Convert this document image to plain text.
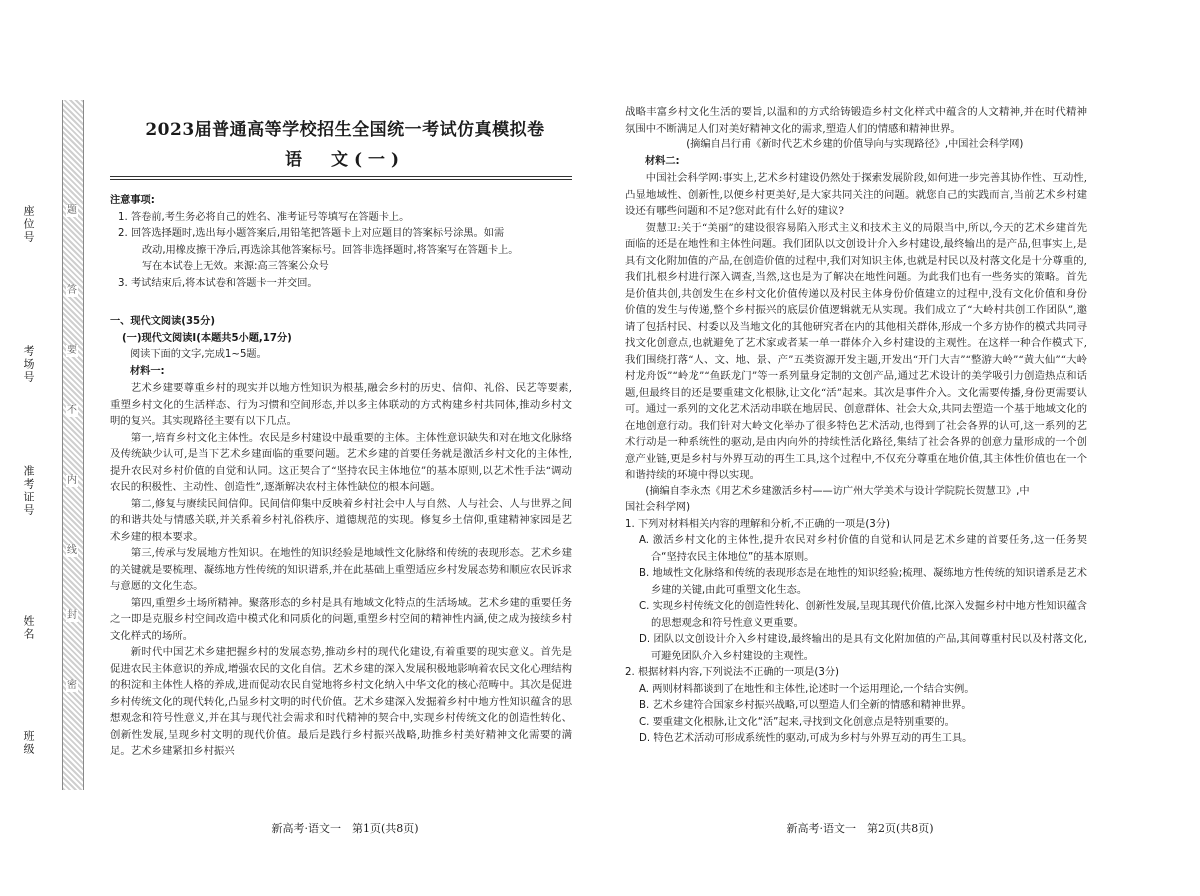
题
答
要
不
内
线
封
密
座位号
考场号
准考证号
姓名
班级
2023届普通高等学校招生全国统一考试仿真模拟卷
语　文(一)

注意事项:

1. 答卷前,考生务必将自己的姓名、准考证号等填写在答题卡上。

2. 回答选择题时,选出每小题答案后,用铅笔把答题卡上对应题目的答案标号涂黑。如需

改动,用橡皮擦干净后,再选涂其他答案标号。回答非选择题时,将答案写在答题卡上。

写在本试卷上无效。来源:高三答案公众号

3. 考试结束后,将本试卷和答题卡一并交回。

一、现代文阅读(35分)

(一)现代文阅读Ⅰ(本题共5小题,17分)

阅读下面的文字,完成1~5题。

材料一:

艺术乡建要尊重乡村的现实并以地方性知识为根基,融会乡村的历史、信仰、礼俗、民艺等要素,重塑乡村文化的生活样态、行为习惯和空间形态,并以多主体联动的方式构建乡村共同体,推动乡村文明的复兴。其实现路径主要有以下几点。

第一,培育乡村文化主体性。农民是乡村建设中最重要的主体。主体性意识缺失和对在地文化脉络及传统缺少认可,是当下艺术乡建面临的重要问题。艺术乡建的首要任务就是激活乡村文化的主体性,提升农民对乡村价值的自觉和认同。这正契合了“坚持农民主体地位”的基本原则,以艺术性手法“调动农民的积极性、主动性、创造性”,逐渐解决农村主体性缺位的根本问题。

第二,修复与赓续民间信仰。民间信仰集中反映着乡村社会中人与自然、人与社会、人与世界之间的和谐共处与情感关联,并关系着乡村礼俗秩序、道德规范的实现。修复乡土信仰,重建精神家园是艺术乡建的根本要求。

第三,传承与发展地方性知识。在地性的知识经验是地域性文化脉络和传统的表现形态。艺术乡建的关键就是要梳理、凝练地方性传统的知识谱系,并在此基础上重塑适应乡村发展态势和顺应农民诉求与意愿的文化生态。

第四,重塑乡土场所精神。聚落形态的乡村是具有地域文化特点的生活场域。艺术乡建的重要任务之一即是克服乡村空间改造中模式化和同质化的问题,重塑乡村空间的精神性内涵,使之成为接续乡村文化样式的场所。

新时代中国艺术乡建把握乡村的发展态势,推动乡村的现代化建设,有着重要的现实意义。首先是促进农民主体意识的养成,增强农民的文化自信。艺术乡建的深入发展积极地影响着农民文化心理结构的积淀和主体性人格的养成,进而促动农民自觉地将乡村文化纳入中华文化的核心范畴中。其次是促进乡村传统文化的现代转化,凸显乡村文明的时代价值。艺术乡建深入发掘着乡村中地方性知识蕴含的思想观念和符号性意义,并在其与现代社会需求和时代精神的契合中,实现乡村传统文化的创造性转化、创新性发展,呈现乡村文明的现代价值。最后是践行乡村振兴战略,助推乡村美好精神文化需要的满足。艺术乡建紧扣乡村振兴

新高考·语文一　第1页(共8页)

战略丰富乡村文化生活的要旨,以温和的方式给铸锻造乡村文化样式中蕴含的人文精神,并在时代精神氛围中不断满足人们对美好精神文化的需求,塑造人们的情感和精神世界。

(摘编自吕行甫《新时代艺术乡建的价值导向与实现路径》,中国社会科学网)

材料二:

中国社会科学网:事实上,艺术乡村建设仍然处于探索发展阶段,如何进一步完善其协作性、互动性,凸显地域性、创新性,以便乡村更美好,是大家共同关注的问题。就您自己的实践而言,当前艺术乡村建设还有哪些问题和不足?您对此有什么好的建议?

贺慧卫:关于“美丽”的建设很容易陷入形式主义和技术主义的局限当中,所以,今天的艺术乡建首先面临的还是在地性和主体性问题。我们团队以文创设计介入乡村建设,最终输出的是产品,但事实上,是具有文化附加值的产品,在创造价值的过程中,我们对知识主体,也就是村民以及村落文化是十分尊重的,我们扎根乡村进行深入调查,当然,这也是为了解决在地性问题。为此我们也有一些务实的策略。首先是价值共创,共创发生在乡村文化价值传递以及村民主体身份价值建立的过程中,没有文化价值和身份价值的发生与传递,整个乡村振兴的底层价值逻辑就无从实现。我们成立了“大岭村共创工作团队”,邀请了包括村民、村委以及当地文化的其他研究者在内的其他相关群体,形成一个多方协作的模式共同寻找文化创意点,也就避免了艺术家或者某一单一群体介入乡村建设的主观性。在这样一种合作模式下,我们围绕打落“人、文、地、景、产”五类资源开发主题,开发出“开门大吉”“整游大岭”“黄大仙”“大岭村龙舟饭”“岭龙”“鱼跃龙门”等一系列量身定制的文创产品,通过艺术设计的美学吸引力创造热点和话题,但最终目的还是要重建文化根脉,让文化“活”起来。其次是事件介入。文化需要传播,身份更需要认可。通过一系列的文化艺术活动串联在地居民、创意群体、社会大众,共同去塑造一个基于地域文化的在地创意行动。我们针对大岭文化举办了很多特色艺术活动,也得到了社会各界的认可,这一系列的艺术行动是一种系统性的驱动,是由内向外的持续性活化路径,集结了社会各界的创意力量形成的一个创意产业链,更是乡村与外界互动的再生工具,这个过程中,不仅充分尊重在地价值,其主体性价值也在一个和谐持续的环境中得以实现。

(摘编自李永杰《用艺术乡建激活乡村——访广州大学美术与设计学院院长贺慧卫》,中

国社会科学网)

1. 下列对材料相关内容的理解和分析,不正确的一项是(3分)

A. 激活乡村文化的主体性,提升农民对乡村价值的自觉和认同是艺术乡建的首要任务,这一任务契合“坚持农民主体地位”的基本原则。

B. 地域性文化脉络和传统的表现形态是在地性的知识经验;梳理、凝练地方性传统的知识谱系是艺术乡建的关键,由此可重塑文化生态。

C. 实现乡村传统文化的创造性转化、创新性发展,呈现其现代价值,比深入发掘乡村中地方性知识蕴含的思想观念和符号性意义更重要。

D. 团队以文创设计介入乡村建设,最终输出的是具有文化附加值的产品,其间尊重村民以及村落文化,可避免团队介入乡村建设的主观性。

2. 根据材料内容,下列说法不正确的一项是(3分)

A. 两则材料都谈到了在地性和主体性,论述时一个运用理论,一个结合实例。

B. 艺术乡建符合国家乡村振兴战略,可以塑造人们全新的情感和精神世界。

C. 要重建文化根脉,让文化“活”起来,寻找到文化创意点是特别重要的。

D. 特色艺术活动可形成系统性的驱动,可成为乡村与外界互动的再生工具。

新高考·语文一　第2页(共8页)
